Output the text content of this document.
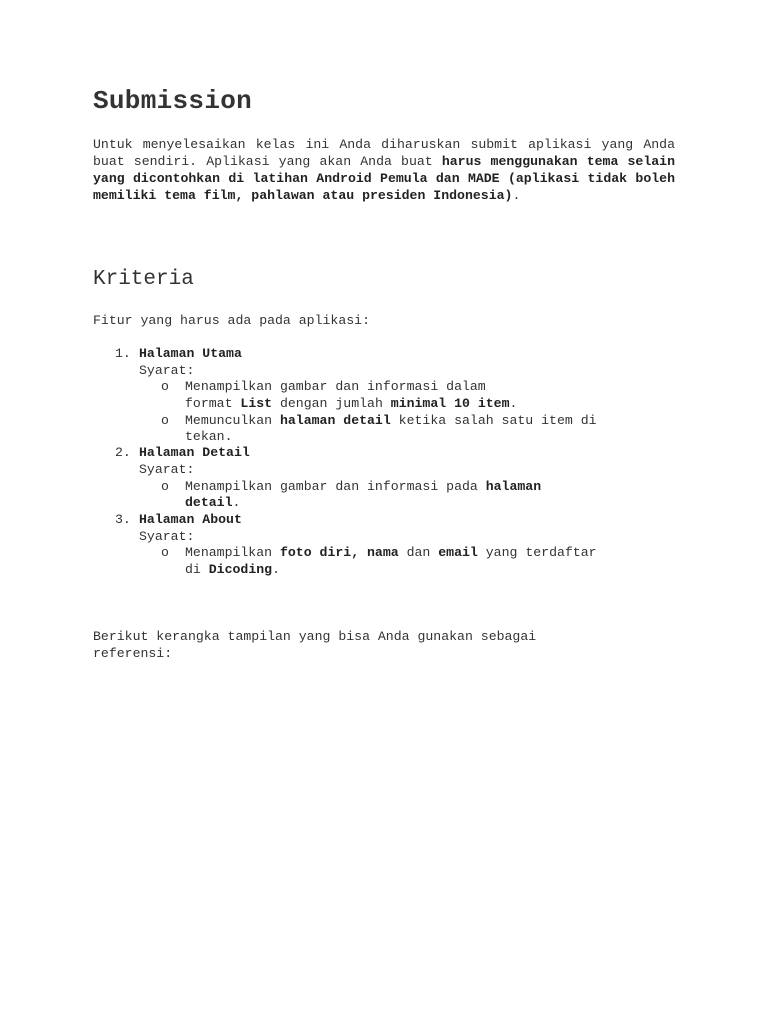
Submission

Untuk menyelesaikan kelas ini Anda diharuskan submit aplikasi yang Anda buat sendiri. Aplikasi yang akan Anda buat harus menggunakan tema selain yang dicontohkan di latihan Android Pemula dan MADE (aplikasi tidak boleh memiliki tema film, pahlawan atau presiden Indonesia).

Kriteria

Fitur yang harus ada pada aplikasi:

1. Halaman Utama
Syarat:
o Menampilkan gambar dan informasi dalam
format List dengan jumlah minimal 10 item.
o Memunculkan halaman detail ketika salah satu item di
tekan.
2. Halaman Detail
Syarat:
o Menampilkan gambar dan informasi pada halaman
detail.
3. Halaman About
Syarat:
o Menampilkan foto diri, nama dan email yang terdaftar
di Dicoding.

Berikut kerangka tampilan yang bisa Anda gunakan sebagai

referensi:
